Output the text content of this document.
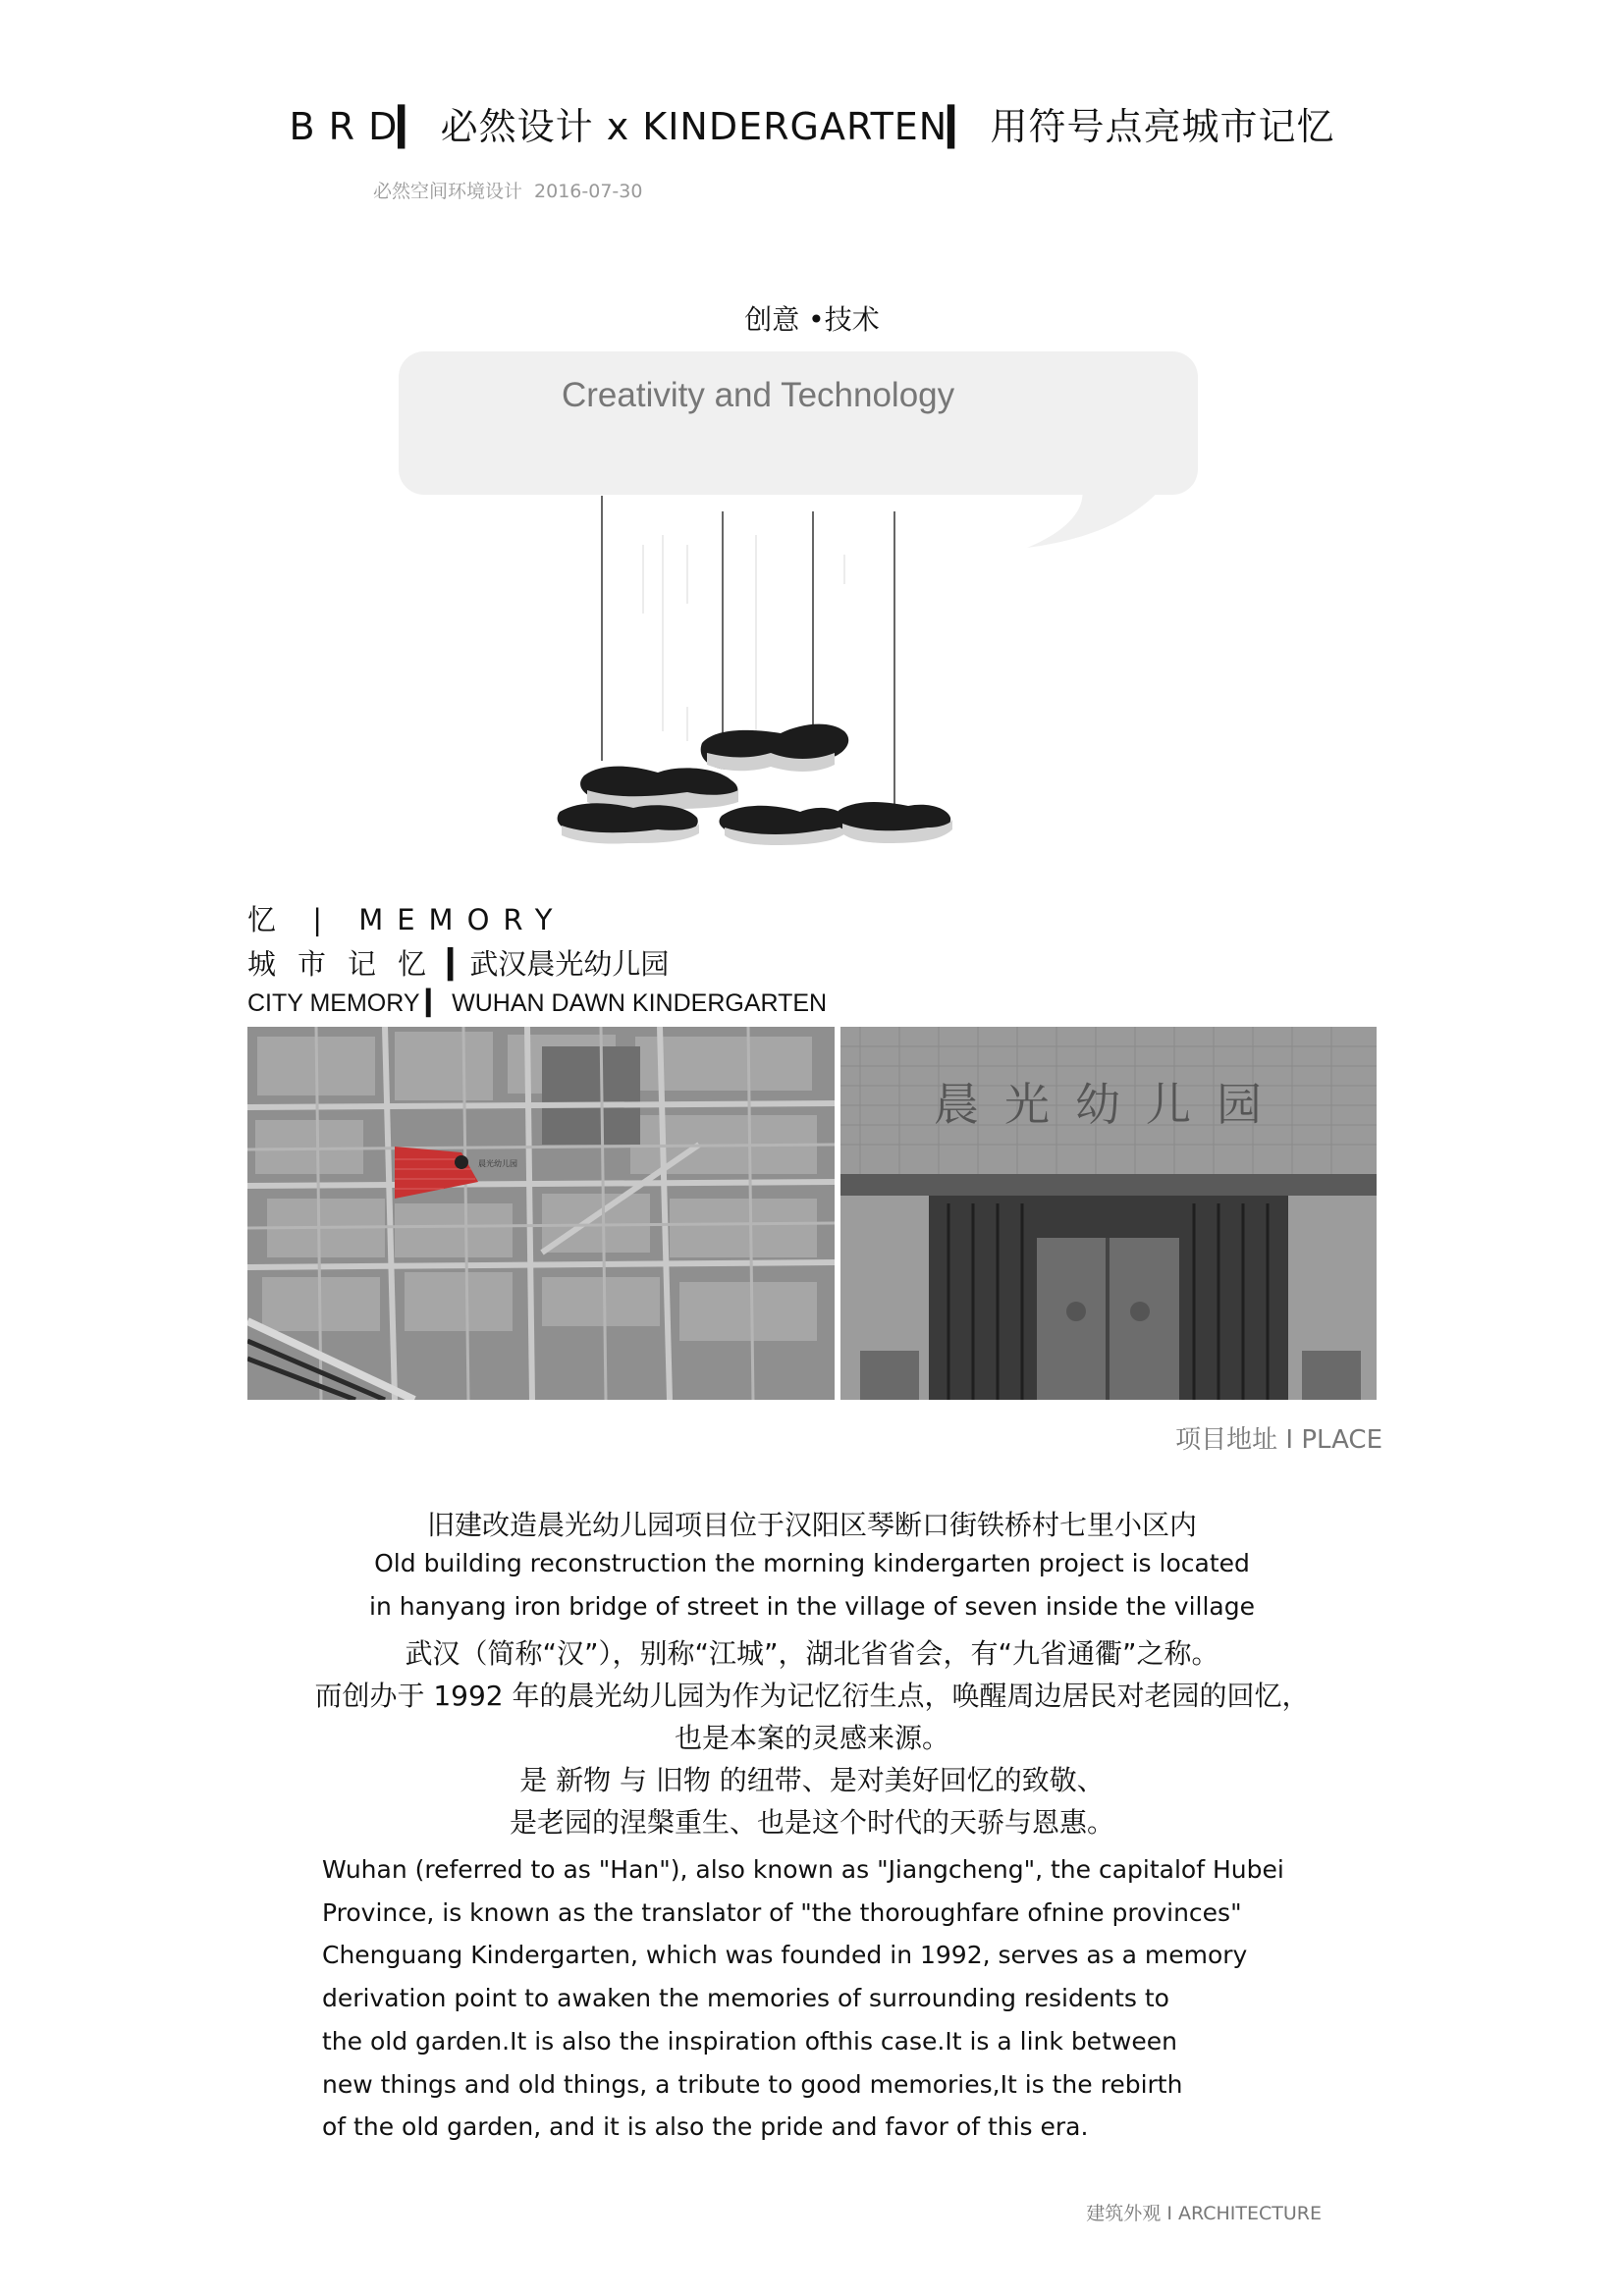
B R D▎ 必然设计 x KINDERGARTEN▎ 用符号点亮城市记忆
必然空间环境设计 2016-07-30
创意 •技术
Creativity and Technology
忆 | MEMORY
城市记忆▎武汉晨光幼儿园
CITY MEMORY ▎ WUHAN DAWN KINDERGARTEN
晨光幼儿园
晨光幼儿园
项目地址 I PLACE
旧建改造晨光幼儿园项目位于汉阳区琴断口街铁桥村七里小区内
Old building reconstruction the morning kindergarten project is located
in hanyang iron bridge of street in the village of seven inside the village
武汉（简称“汉”），别称“江城”，湖北省省会，有“九省通衢”之称。
而创办于 1992 年的晨光幼儿园为作为记忆衍生点，唤醒周边居民对老园的回忆，
也是本案的灵感来源。
是 新物 与 旧物 的纽带、是对美好回忆的致敬、
是老园的涅槃重生、也是这个时代的天骄与恩惠。
Wuhan (referred to as "Han"), also known as "Jiangcheng", the capitalof Hubei
Province, is known as the translator of "the thoroughfare ofnine provinces"
Chenguang Kindergarten, which was founded in 1992, serves as a memory
derivation point to awaken the memories of surrounding residents to
the old garden.It is also the inspiration ofthis case.It is a link between
new things and old things, a tribute to good memories,It is the rebirth
of the old garden, and it is also the pride and favor of this era.
建筑外观 I ARCHITECTURE
